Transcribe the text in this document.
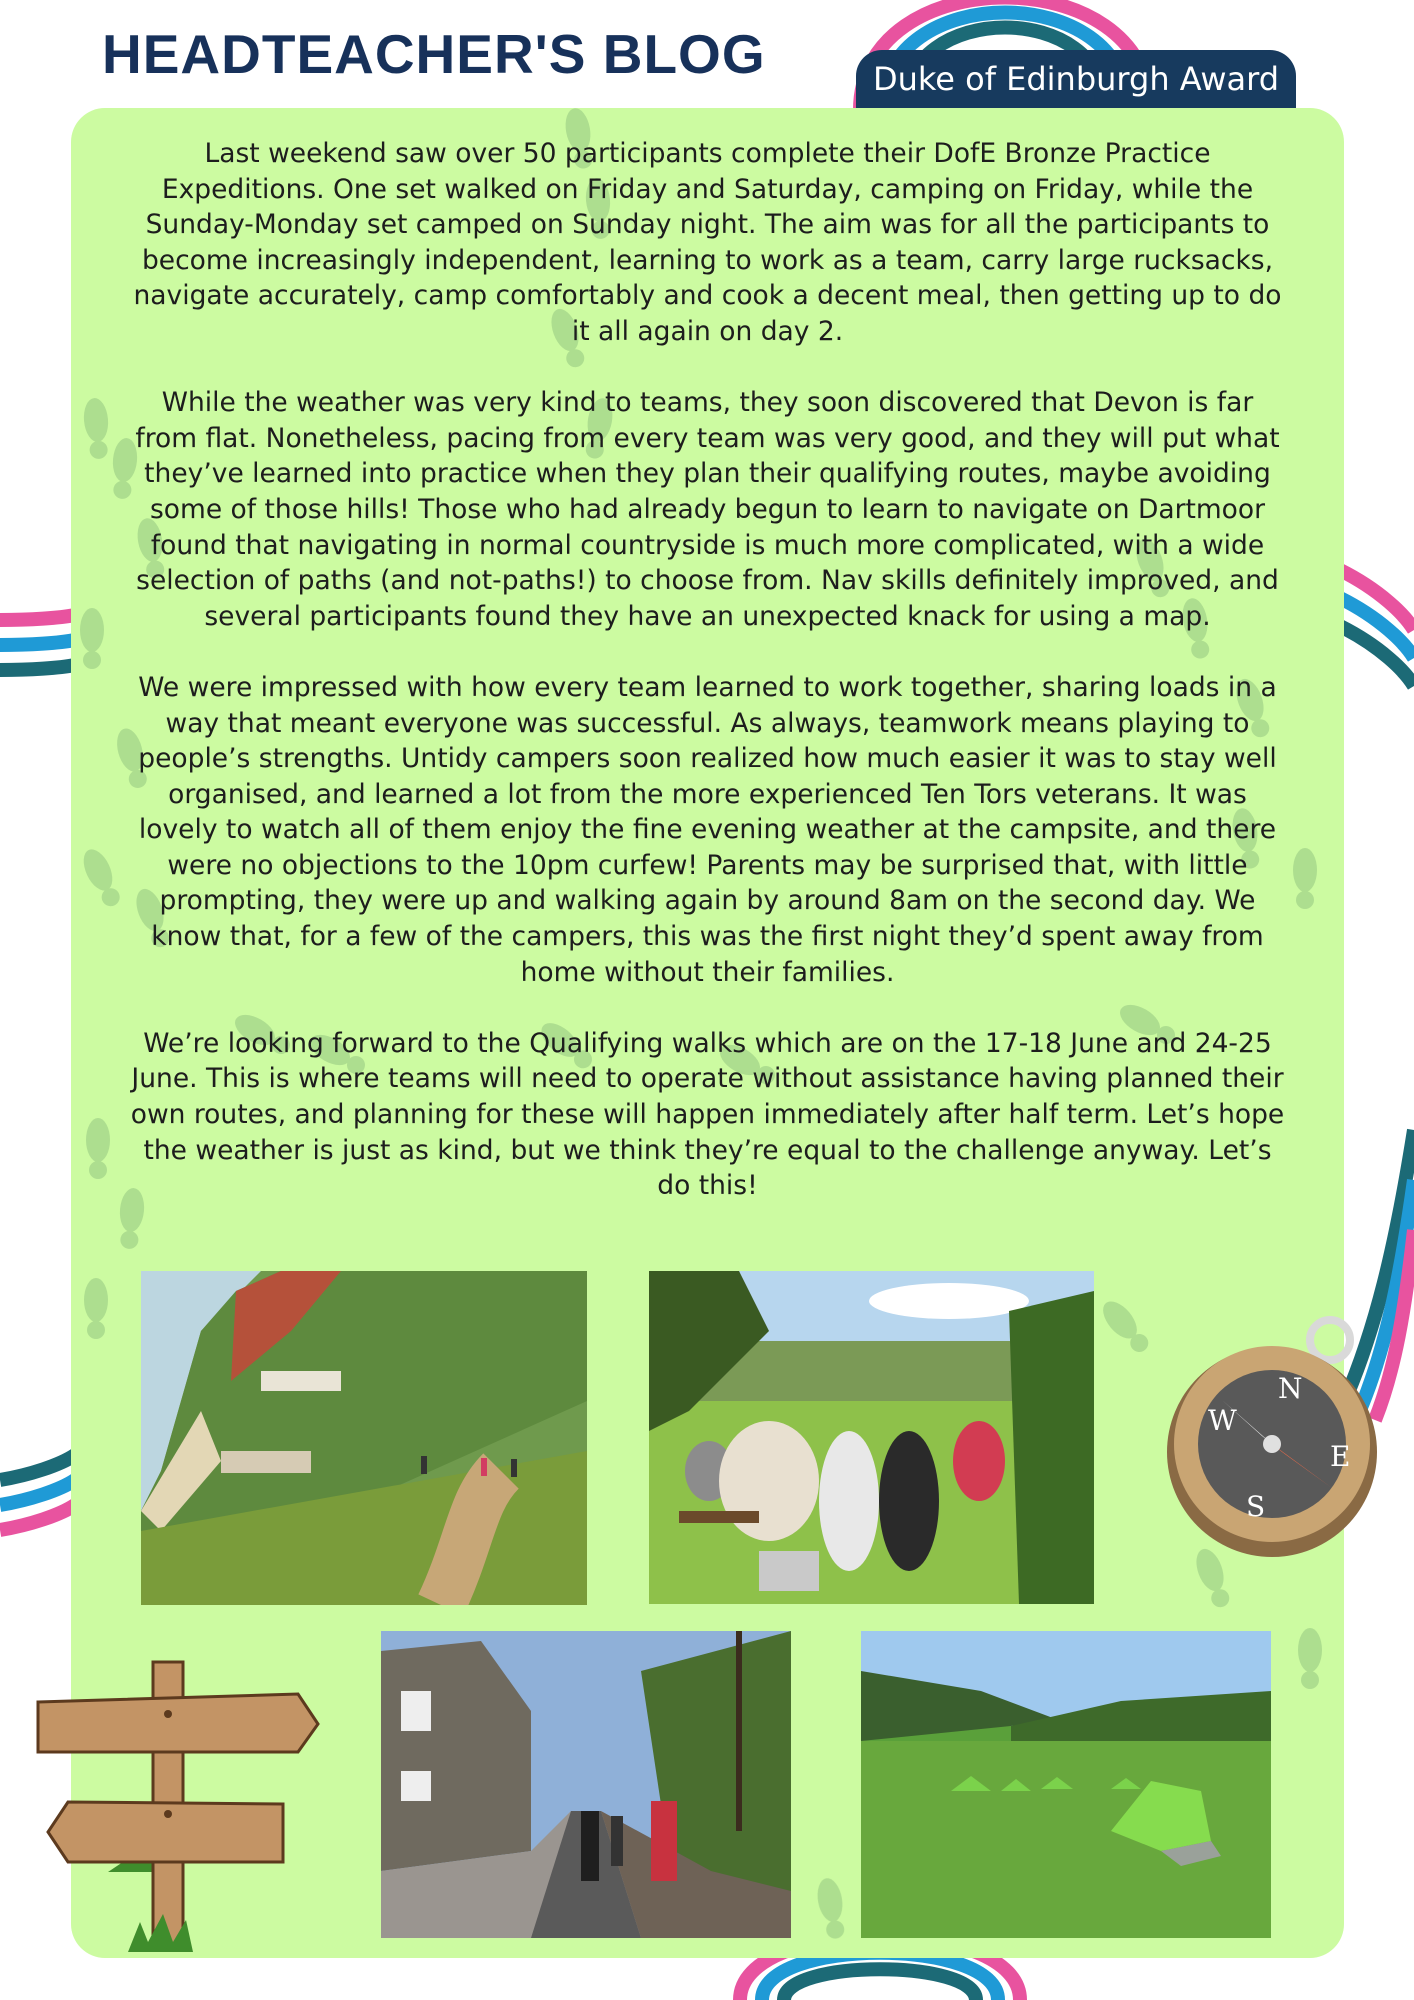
HEADTEACHER'S BLOG	Duke of Edinburgh Award

Last weekend saw over 50 participants complete their DofE Bronze Practice Expeditions. One set walked on Friday and Saturday, camping on Friday, while the Sunday-Monday set camped on Sunday night. The aim was for all the participants to become increasingly independent, learning to work as a team, carry large rucksacks, navigate accurately, camp comfortably and cook a decent meal, then getting up to do it all again on day 2.

While the weather was very kind to teams, they soon discovered that Devon is far from flat. Nonetheless, pacing from every team was very good, and they will put what they’ve learned into practice when they plan their qualifying routes, maybe avoiding some of those hills! Those who had already begun to learn to navigate on Dartmoor found that navigating in normal countryside is much more complicated, with a wide selection of paths (and not-paths!) to choose from. Nav skills definitely improved, and several participants found they have an unexpected knack for using a map.

We were impressed with how every team learned to work together, sharing loads in a way that meant everyone was successful. As always, teamwork means playing to people’s strengths. Untidy campers soon realized how much easier it was to stay well organised, and learned a lot from the more experienced Ten Tors veterans. It was lovely to watch all of them enjoy the fine evening weather at the campsite, and there were no objections to the 10pm curfew! Parents may be surprised that, with little prompting, they were up and walking again by around 8am on the second day. We know that, for a few of the campers, this was the first night they’d spent away from home without their families.

We’re looking forward to the Qualifying walks which are on the 17-18 June and 24-25 June. This is where teams will need to operate without assistance having planned their own routes, and planning for these will happen immediately after half term. Let’s hope the weather is just as kind, but we think they’re equal to the challenge anyway. Let’s do this!

N
E
S
W
